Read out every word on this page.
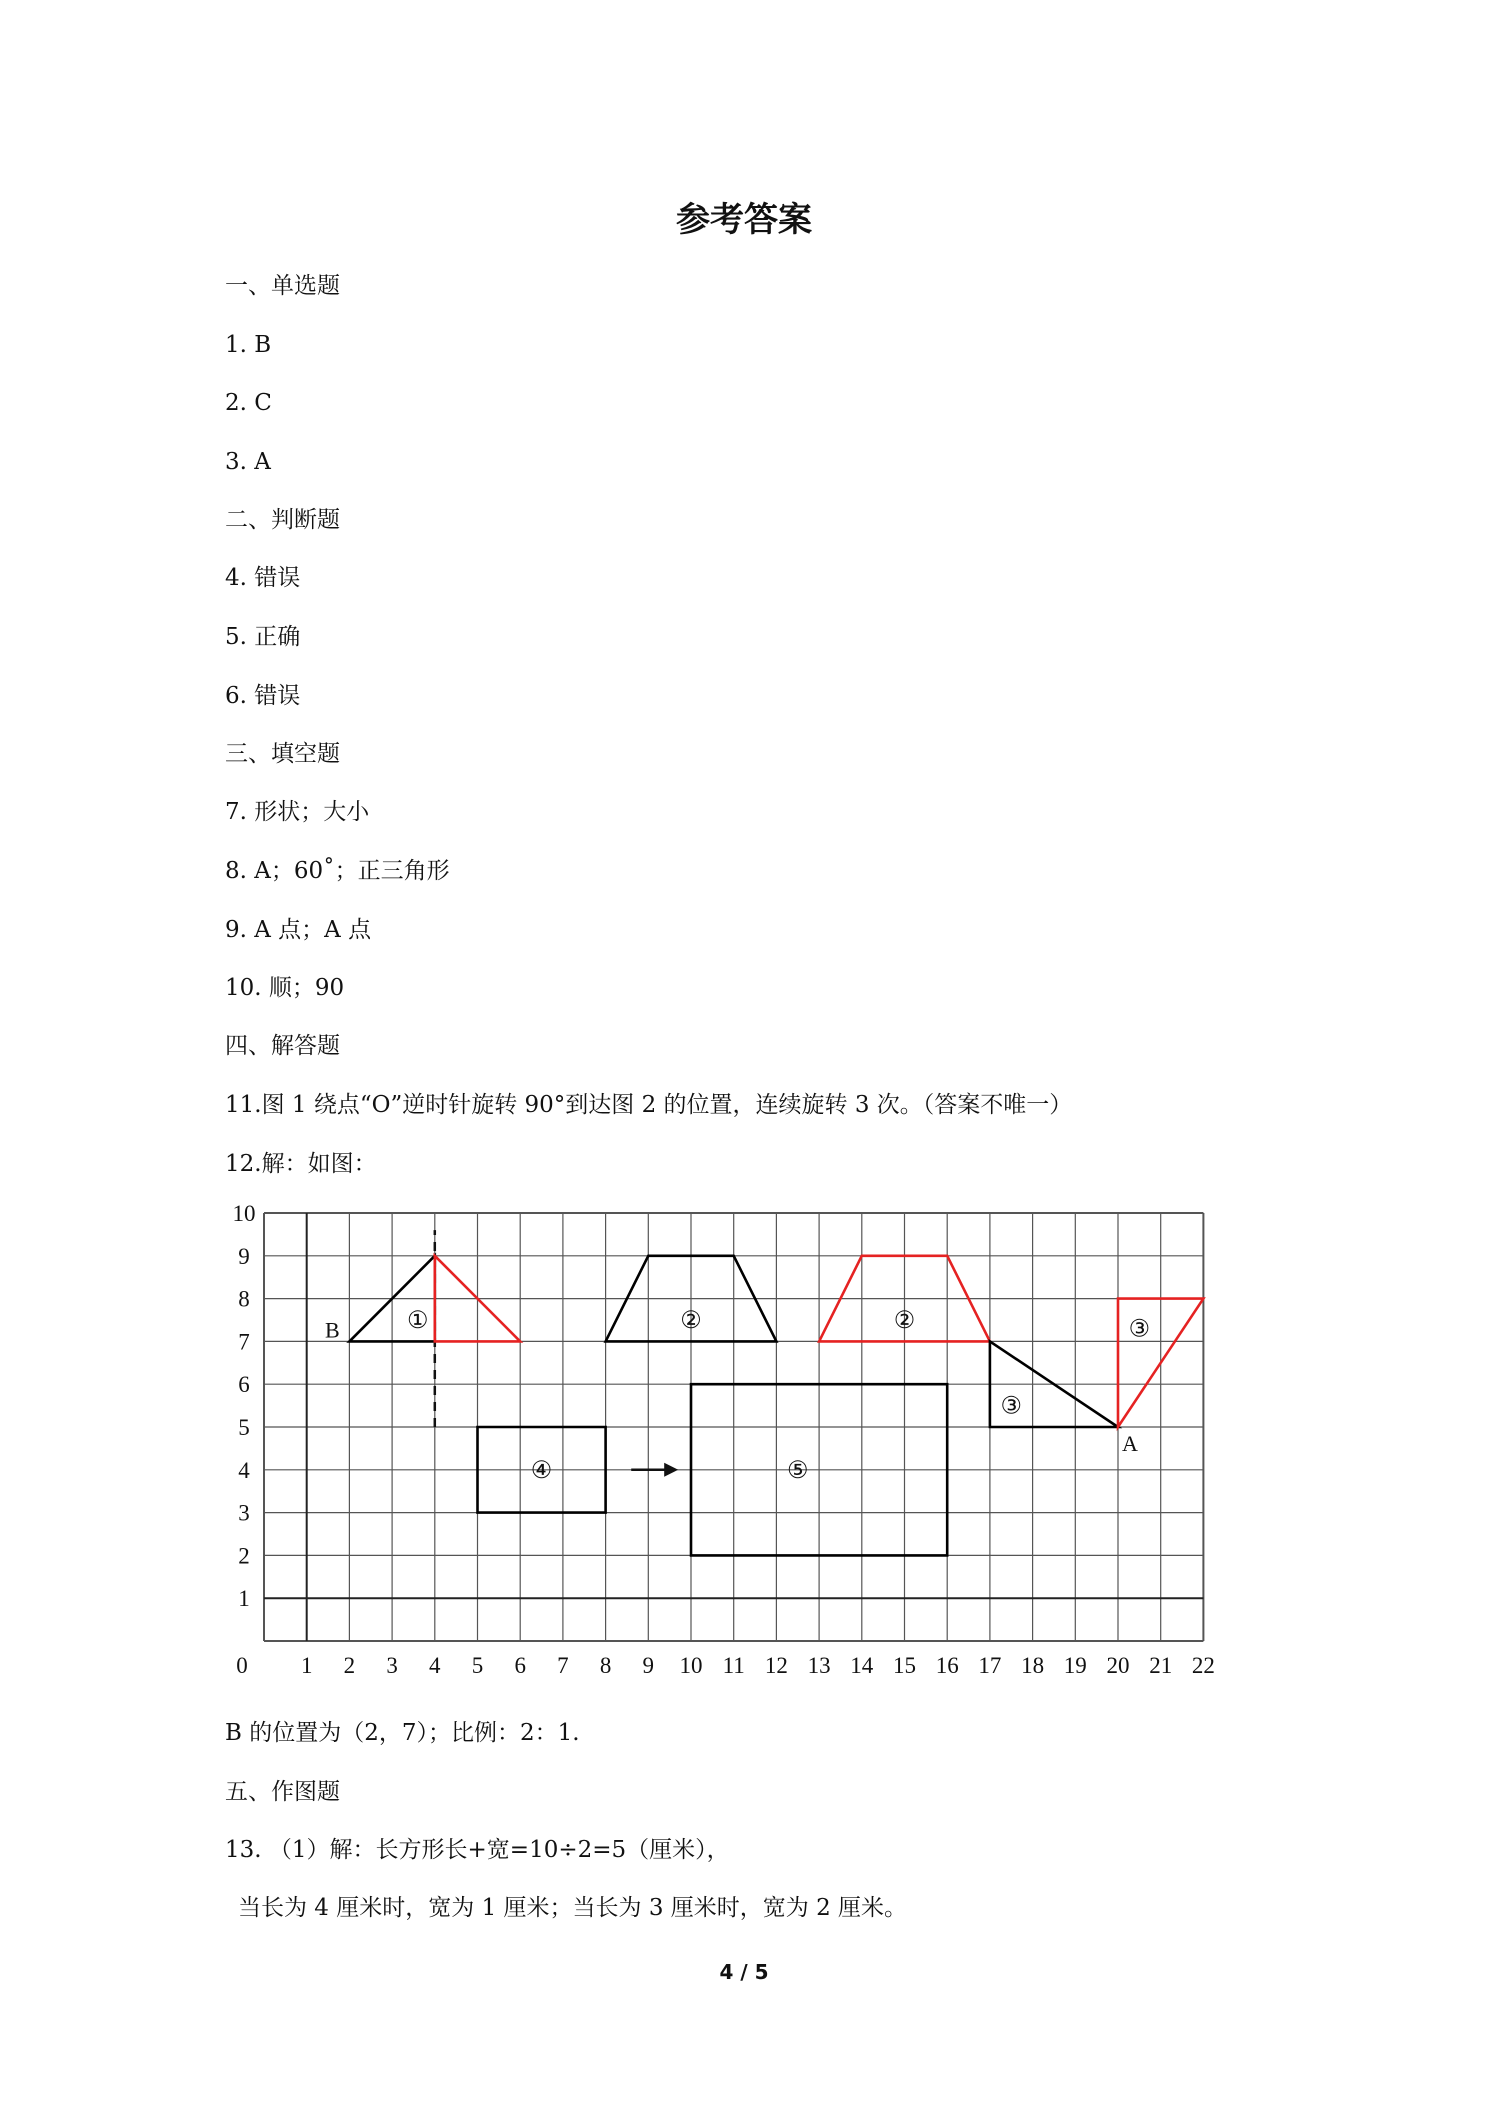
参考答案
一、单选题
1. B
2. C
3. A
二、判断题
4. 错误
5. 正确
6. 错误
三、填空题
7. 形状；大小
8. A；60˚；正三角形
9. A 点；A 点
10. 顺；90
四、解答题
11.图 1 绕点“O”逆时针旋转 90°到达图 2 的位置，连续旋转 3 次。（答案不唯一）
12.解：如图：
0 1 2 3 4 5 6 7 8 9 10 11 12 13 14 15 16 17 18 19 20 21 22
1
2
3
4
5
6
7
8
9
10
①	②	②
③
③
④	⑤
B
A
B 的位置为（2，7）；比例：2：1.
五、作图题
13. （1）解：长方形长+宽=10÷2=5（厘米），
当长为 4 厘米时，宽为 1 厘米；当长为 3 厘米时，宽为 2 厘米。
4 / 5
